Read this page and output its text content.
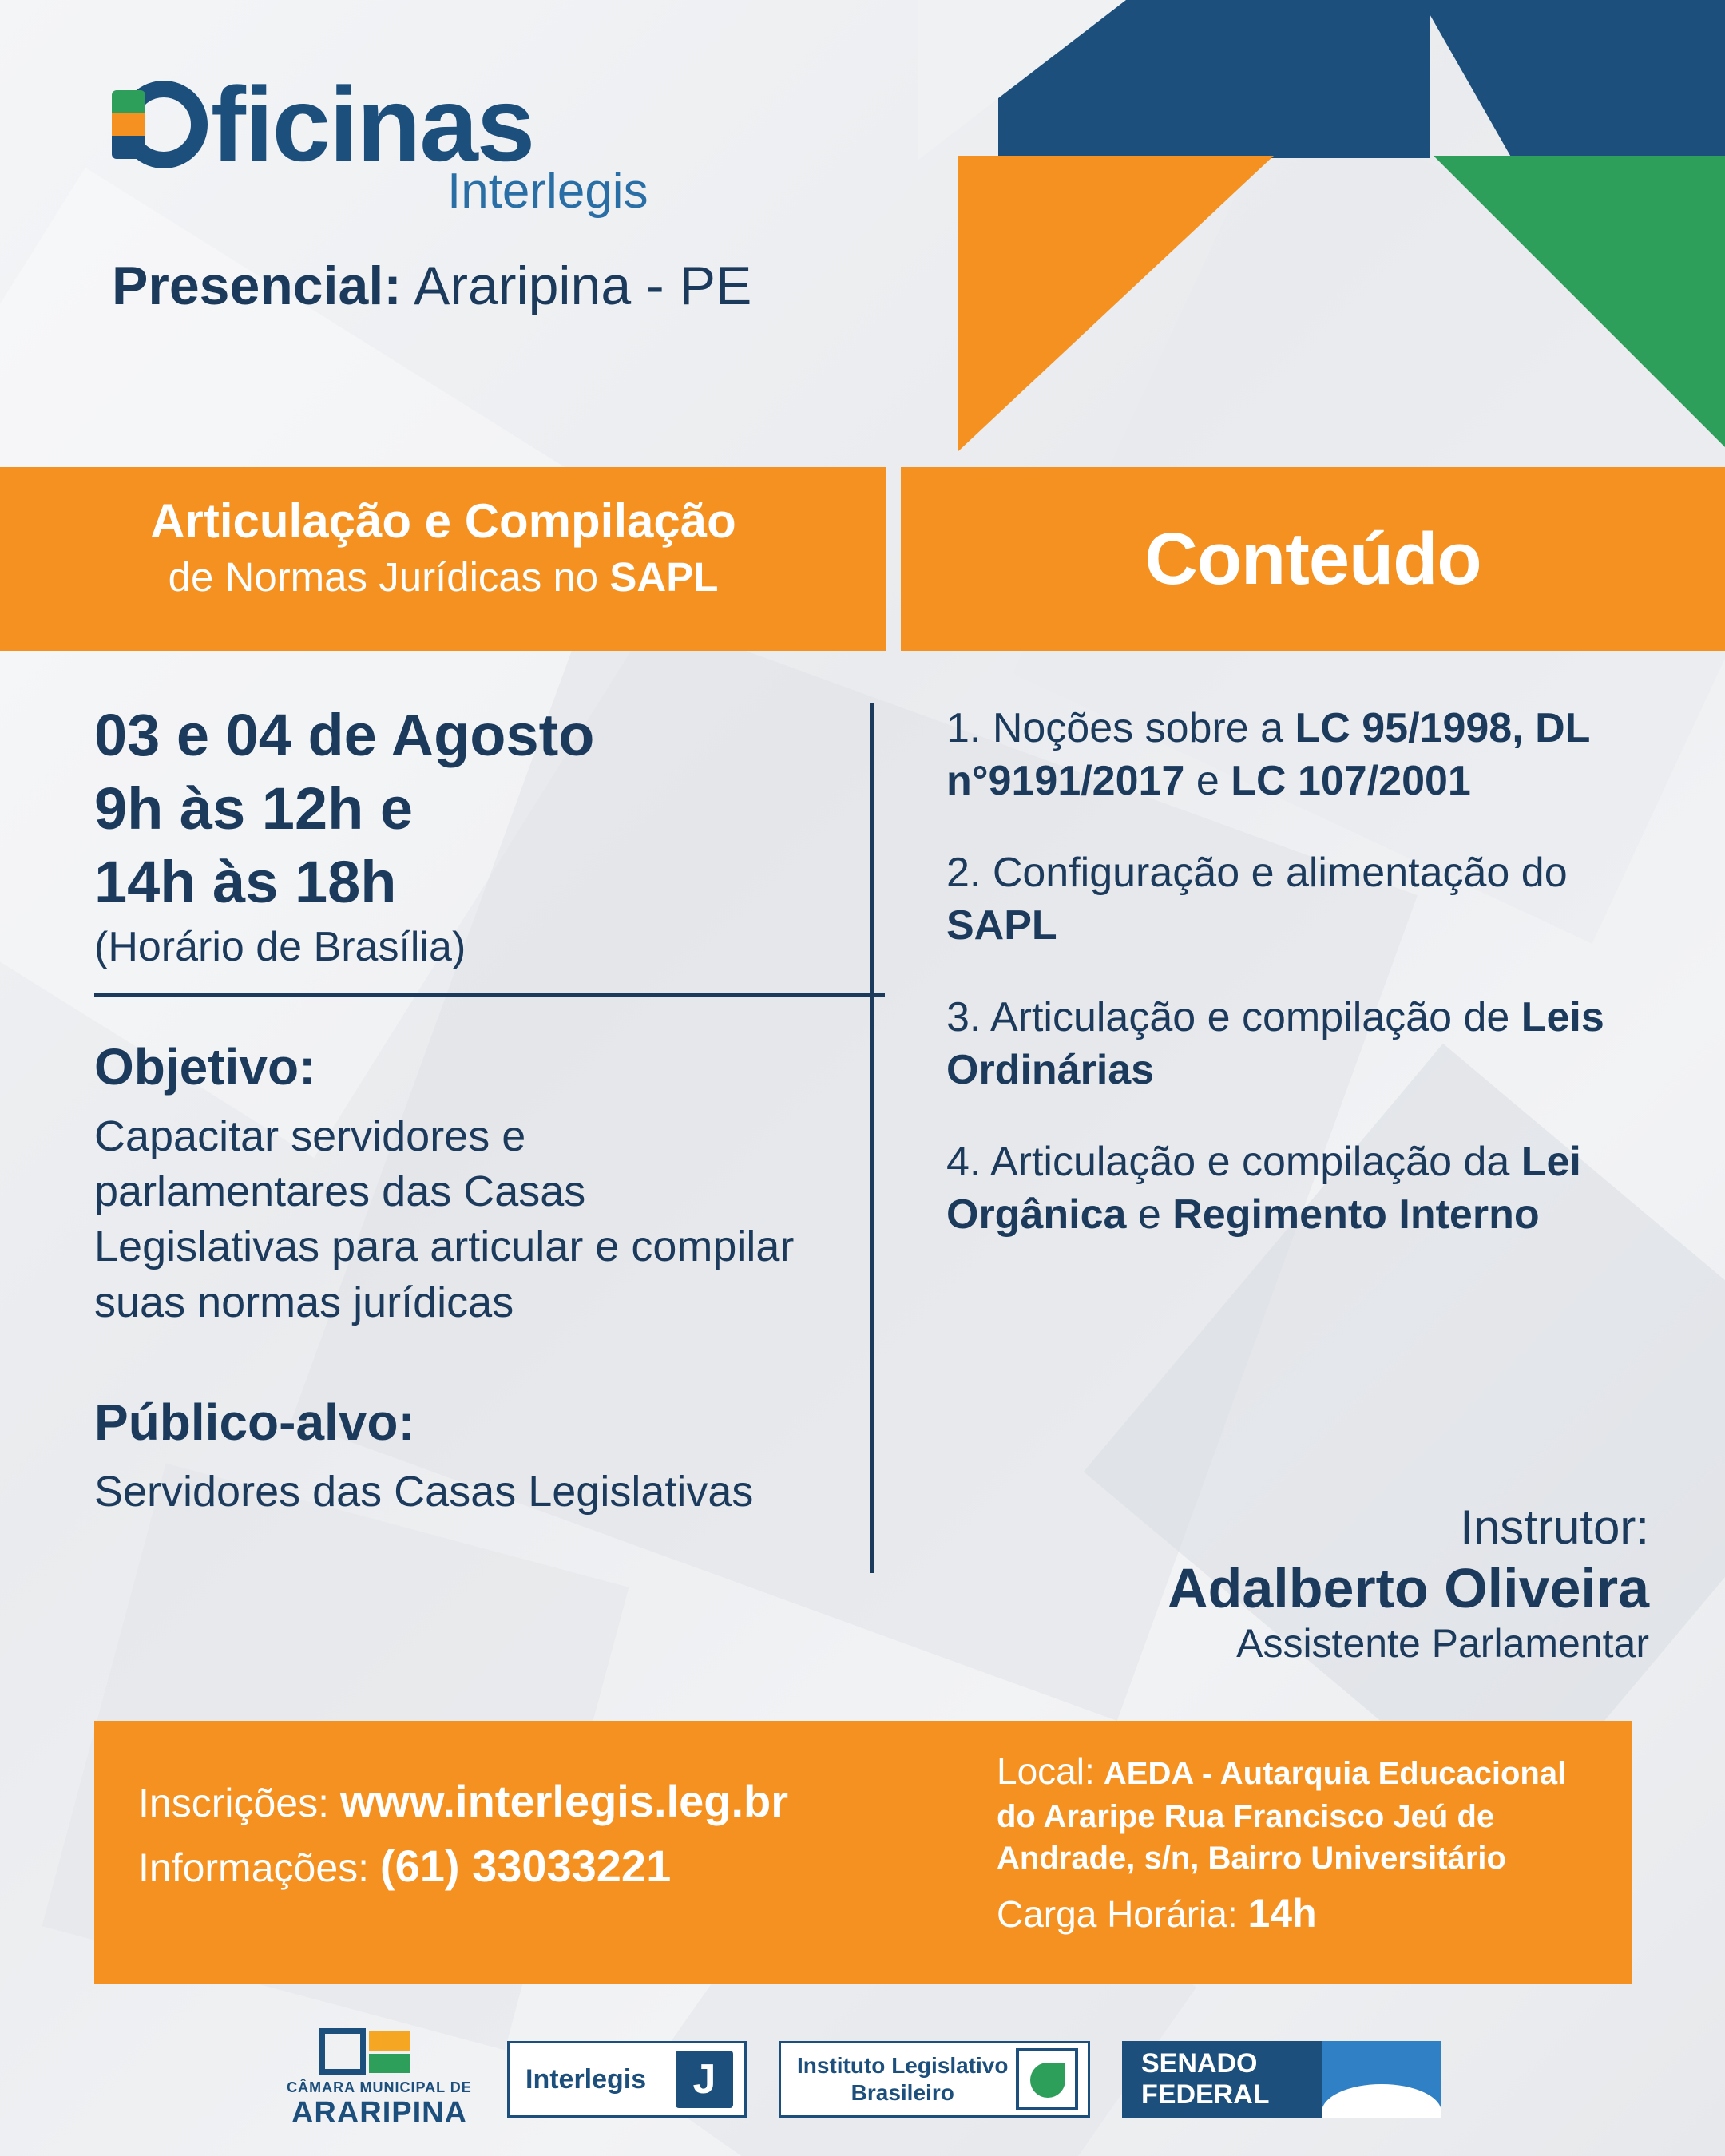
ficinas
Interlegis
Presencial: Araripina - PE
Articulação e Compilação
de Normas Jurídicas no SAPL	Conteúdo
03 e 04 de Agosto
9h às 12h e
14h às 18h
(Horário de Brasília)
Objetivo:
Capacitar servidores e parlamentares das Casas Legislativas para articular e compilar suas normas jurídicas
Público-alvo:
Servidores das Casas Legislativas
1. Noções sobre a LC 95/1998, DL n°9191/2017 e LC 107/2001
2. Configuração e alimentação do SAPL
3. Articulação e compilação de Leis Ordinárias
4. Articulação e compilação da Lei Orgânica e Regimento Interno
Instrutor:
Adalberto Oliveira
Assistente Parlamentar
Inscrições: www.interlegis.leg.br
Informações: (61) 33033221
Local: AEDA - Autarquia Educacional do Araripe Rua Francisco Jeú de Andrade, s/n, Bairro Universitário
Carga Horária: 14h
CÂMARA MUNICIPAL DE
ARARIPINA
Interlegis	J	Instituto Legislativo
Brasileiro
SENADO
FEDERAL
